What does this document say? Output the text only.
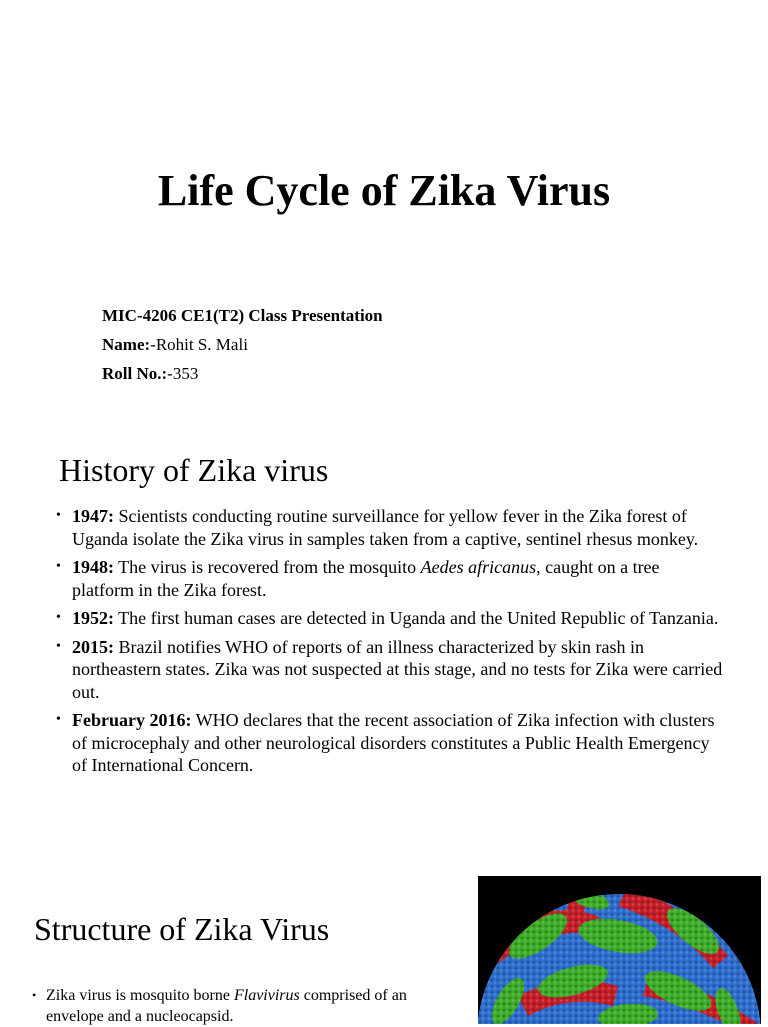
Life Cycle of Zika Virus
MIC-4206 CE1(T2) Class Presentation
Name:-Rohit S. Mali
Roll No.:-353
History of Zika virus
• 1947: Scientists conducting routine surveillance for yellow fever in the Zika forest of Uganda isolate the Zika virus in samples taken from a captive, sentinel rhesus monkey.
• 1948: The virus is recovered from the mosquito Aedes africanus, caught on a tree platform in the Zika forest.
• 1952: The first human cases are detected in Uganda and the United Republic of Tanzania.
• 2015: Brazil notifies WHO of reports of an illness characterized by skin rash in northeastern states. Zika was not suspected at this stage, and no tests for Zika were carried out.
• February 2016: WHO declares that the recent association of Zika infection with clusters of microcephaly and other neurological disorders constitutes a Public Health Emergency of International Concern.
Structure of Zika Virus
• Zika virus is mosquito borne Flavivirus comprised of an envelope and a nucleocapsid.
